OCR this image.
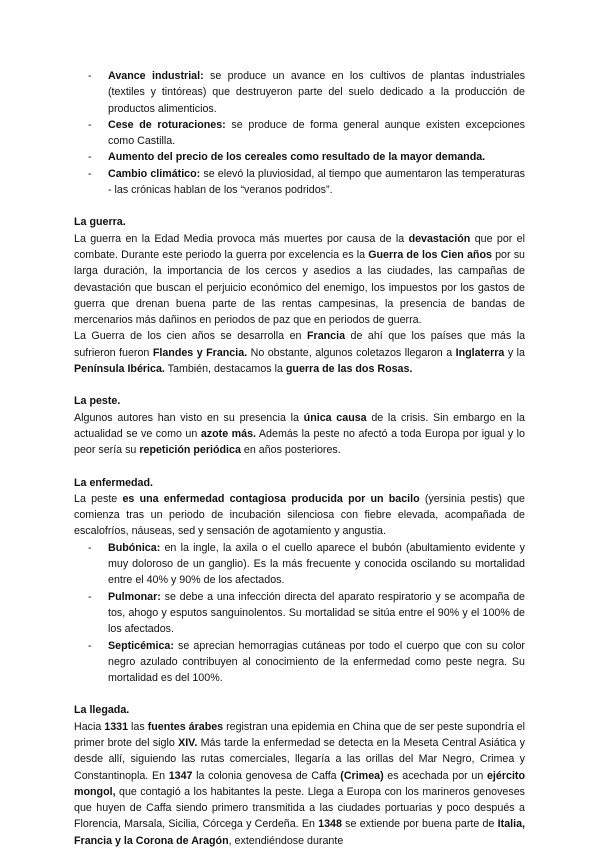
- Avance industrial: se produce un avance en los cultivos de plantas industriales (textiles y tintóreas) que destruyeron parte del suelo dedicado a la producción de productos alimenticios.
- Cese de roturaciones: se produce de forma general aunque existen excepciones como Castilla.
- Aumento del precio de los cereales como resultado de la mayor demanda.
- Cambio climático: se elevó la pluviosidad, al tiempo que aumentaron las temperaturas - las crónicas hablan de los “veranos podridos”.
La guerra.

La guerra en la Edad Media provoca más muertes por causa de la devastación que por el combate. Durante este periodo la guerra por excelencia es la Guerra de los Cien años por su larga duración, la importancia de los cercos y asedios a las ciudades, las campañas de devastación que buscan el perjuicio económico del enemigo, los impuestos por los gastos de guerra que drenan buena parte de las rentas campesinas, la presencia de bandas de mercenarios más dañinos en periodos de paz que en periodos de guerra.

La Guerra de los cien años se desarrolla en Francia de ahí que los países que más la sufrieron fueron Flandes y Francia. No obstante, algunos coletazos llegaron a Inglaterra y la Península Ibérica. También, destacamos la guerra de las dos Rosas.

La peste.

Algunos autores han visto en su presencia la única causa de la crisis. Sin embargo en la actualidad se ve como un azote más. Además la peste no afectó a toda Europa por igual y lo peor sería su repetición periódica en años posteriores.

La enfermedad.

La peste es una enfermedad contagiosa producida por un bacilo (yersinia pestis) que comienza tras un periodo de incubación silenciosa con fiebre elevada, acompañada de escalofríos, náuseas, sed y sensación de agotamiento y angustia.

- Bubónica: en la ingle, la axila o el cuello aparece el bubón (abultamiento evidente y muy doloroso de un ganglio). Es la más frecuente y conocida oscilando su mortalidad entre el 40% y 90% de los afectados.
- Pulmonar: se debe a una infección directa del aparato respiratorio y se acompaña de tos, ahogo y esputos sanguinolentos. Su mortalidad se sitúa entre el 90% y el 100% de los afectados.
- Septicémica: se aprecian hemorragias cutáneas por todo el cuerpo que con su color negro azulado contribuyen al conocimiento de la enfermedad como peste negra. Su mortalidad es del 100%.
La llegada.

Hacia 1331 las fuentes árabes registran una epidemia en China que de ser peste supondría el primer brote del siglo XIV. Más tarde la enfermedad se detecta en la Meseta Central Asiática y desde allí, siguiendo las rutas comerciales, llegaría a las orillas del Mar Negro, Crimea y Constantinopla. En 1347 la colonia genovesa de Caffa (Crimea) es acechada por un ejército mongol, que contagió a los habitantes la peste. Llega a Europa con los marineros genoveses que huyen de Caffa siendo primero transmitida a las ciudades portuarias y poco después a Florencia, Marsala, Sicilia, Córcega y Cerdeña. En 1348 se extiende por buena parte de Italia, Francia y la Corona de Aragón, extendiéndose durante
